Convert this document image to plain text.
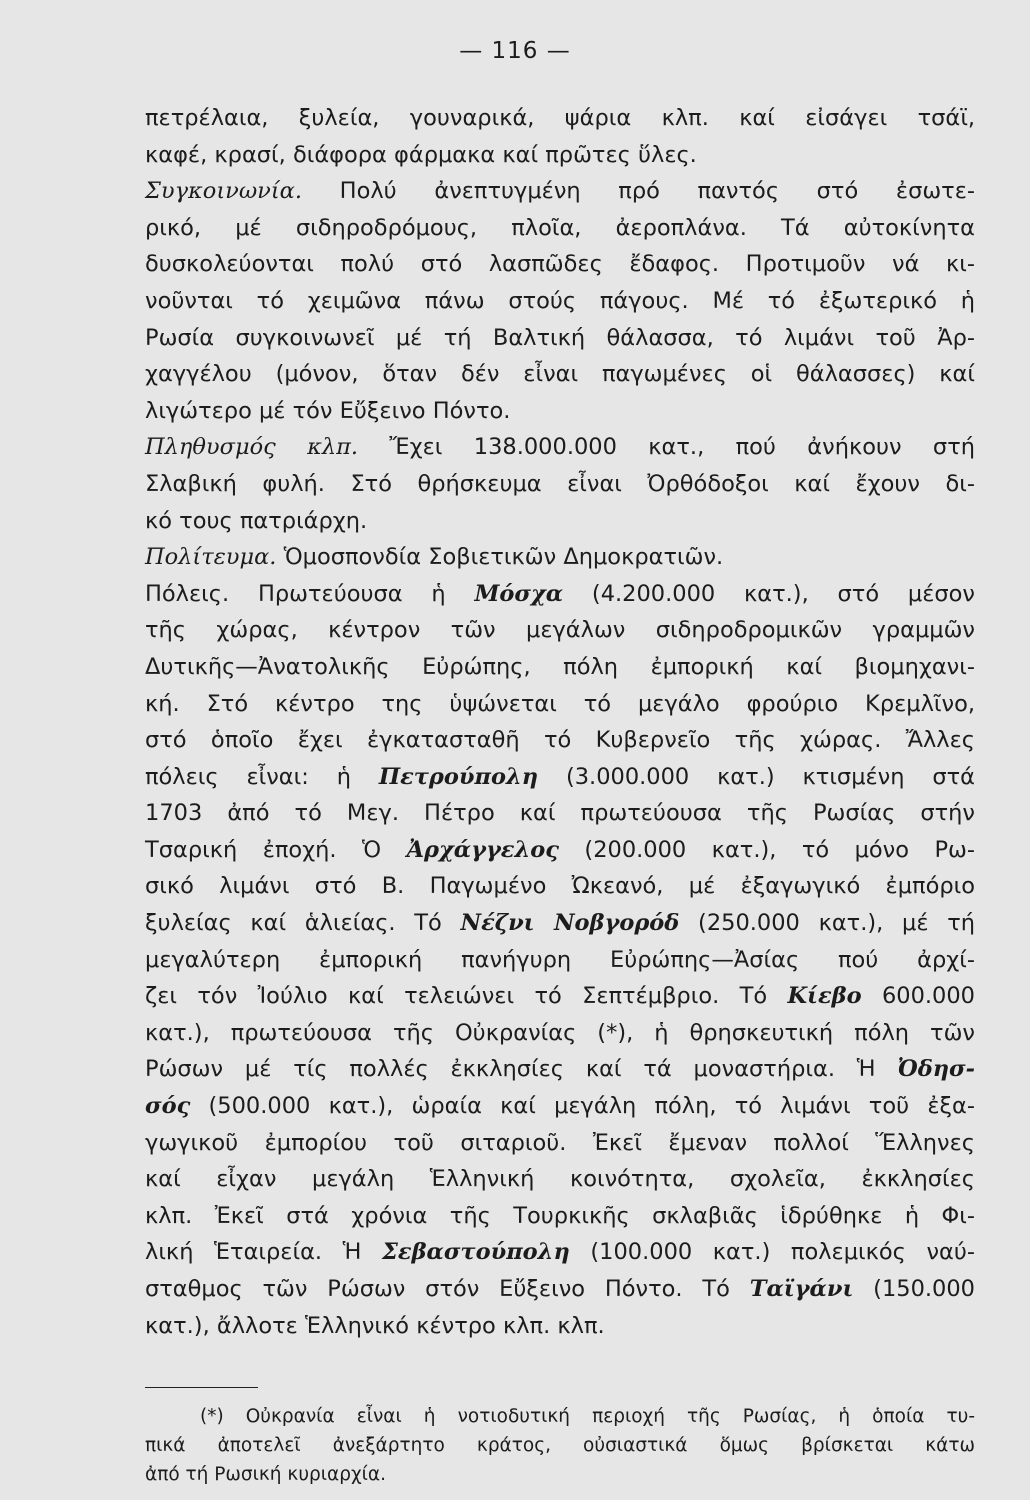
— 116 —
πετρέλαια, ξυλεία, γουναρικά, ψάρια κλπ. καί εἰσάγει τσάϊ,
καφέ, κρασί, διάφορα φάρμακα καί πρῶτες ὕλες.
Συγκοινωνία. Πολύ ἀνεπτυγμένη πρό παντός στό ἐσωτε-
ρικό, μέ σιδηροδρόμους, πλοῖα, ἀεροπλάνα. Τά αὐτοκίνητα
δυσκολεύονται πολύ στό λασπῶδες ἔδαφος. Προτιμοῦν νά κι-
νοῦνται τό χειμῶνα πάνω στούς πάγους. Μέ τό ἐξωτερικό ἡ
Ρωσία συγκοινωνεῖ μέ τή Βαλτική θάλασσα, τό λιμάνι τοῦ Ἀρ-
χαγγέλου (μόνον, ὅταν δέν εἶναι παγωμένες οἱ θάλασσες) καί
λιγώτερο μέ τόν Εὔξεινο Πόντο.
Πληθυσμός κλπ. Ἔχει 138.000.000 κατ., πού ἀνήκουν στή
Σλαβική φυλή. Στό θρήσκευμα εἶναι Ὀρθόδοξοι καί ἔχουν δι-
κό τους πατριάρχη.
Πολίτευμα. Ὁμοσπονδία Σοβιετικῶν Δημοκρατιῶν.
Πόλεις. Πρωτεύουσα ἡ Μόσχα (4.200.000 κατ.), στό μέσον
τῆς χώρας, κέντρον τῶν μεγάλων σιδηροδρομικῶν γραμμῶν
Δυτικῆς—Ἀνατολικῆς Εὐρώπης, πόλη ἐμπορική καί βιομηχανι-
κή. Στό κέντρο της ὑψώνεται τό μεγάλο φρούριο Κρεμλῖνο,
στό ὁποῖο ἔχει ἐγκατασταθῆ τό Κυβερνεῖο τῆς χώρας. Ἄλλες
πόλεις εἶναι: ἡ Πετρούπολη (3.000.000 κατ.) κτισμένη στά
1703 ἀπό τό Μεγ. Πέτρο καί πρωτεύουσα τῆς Ρωσίας στήν
Τσαρική ἐποχή. Ὁ Ἀρχάγγελος (200.000 κατ.), τό μόνο Ρω-
σικό λιμάνι στό Β. Παγωμένο Ὠκεανό, μέ ἐξαγωγικό ἐμπόριο
ξυλείας καί ἁλιείας. Τό Νέζνι Νοβγορόδ (250.000 κατ.), μέ τή
μεγαλύτερη ἐμπορική πανήγυρη Εὐρώπης—Ἀσίας πού ἀρχί-
ζει τόν Ἰούλιο καί τελειώνει τό Σεπτέμβριο. Τό Κίεβο 600.000
κατ.), πρωτεύουσα τῆς Οὐκρανίας (*), ἡ θρησκευτική πόλη τῶν
Ρώσων μέ τίς πολλές ἐκκλησίες καί τά μοναστήρια. Ἡ Ὀδησ-
σός (500.000 κατ.), ὡραία καί μεγάλη πόλη, τό λιμάνι τοῦ ἐξα-
γωγικοῦ ἐμπορίου τοῦ σιταριοῦ. Ἐκεῖ ἔμεναν πολλοί Ἕλληνες
καί εἶχαν μεγάλη Ἑλληνική κοινότητα, σχολεῖα, ἐκκλησίες
κλπ. Ἐκεῖ στά χρόνια τῆς Τουρκικῆς σκλαβιᾶς ἱδρύθηκε ἡ Φι-
λική Ἑταιρεία. Ἡ Σεβαστούπολη (100.000 κατ.) πολεμικός ναύ-
σταθμος τῶν Ρώσων στόν Εὔξεινο Πόντο. Τό Ταϊγάνι (150.000
κατ.), ἄλλοτε Ἑλληνικό κέντρο κλπ. κλπ.
(*) Οὐκρανία εἶναι ἡ νοτιοδυτική περιοχή τῆς Ρωσίας, ἡ ὁποία τυ-
πικά ἀποτελεῖ ἀνεξάρτητο κράτος, οὐσιαστικά ὅμως βρίσκεται κάτω
ἀπό τή Ρωσική κυριαρχία.
